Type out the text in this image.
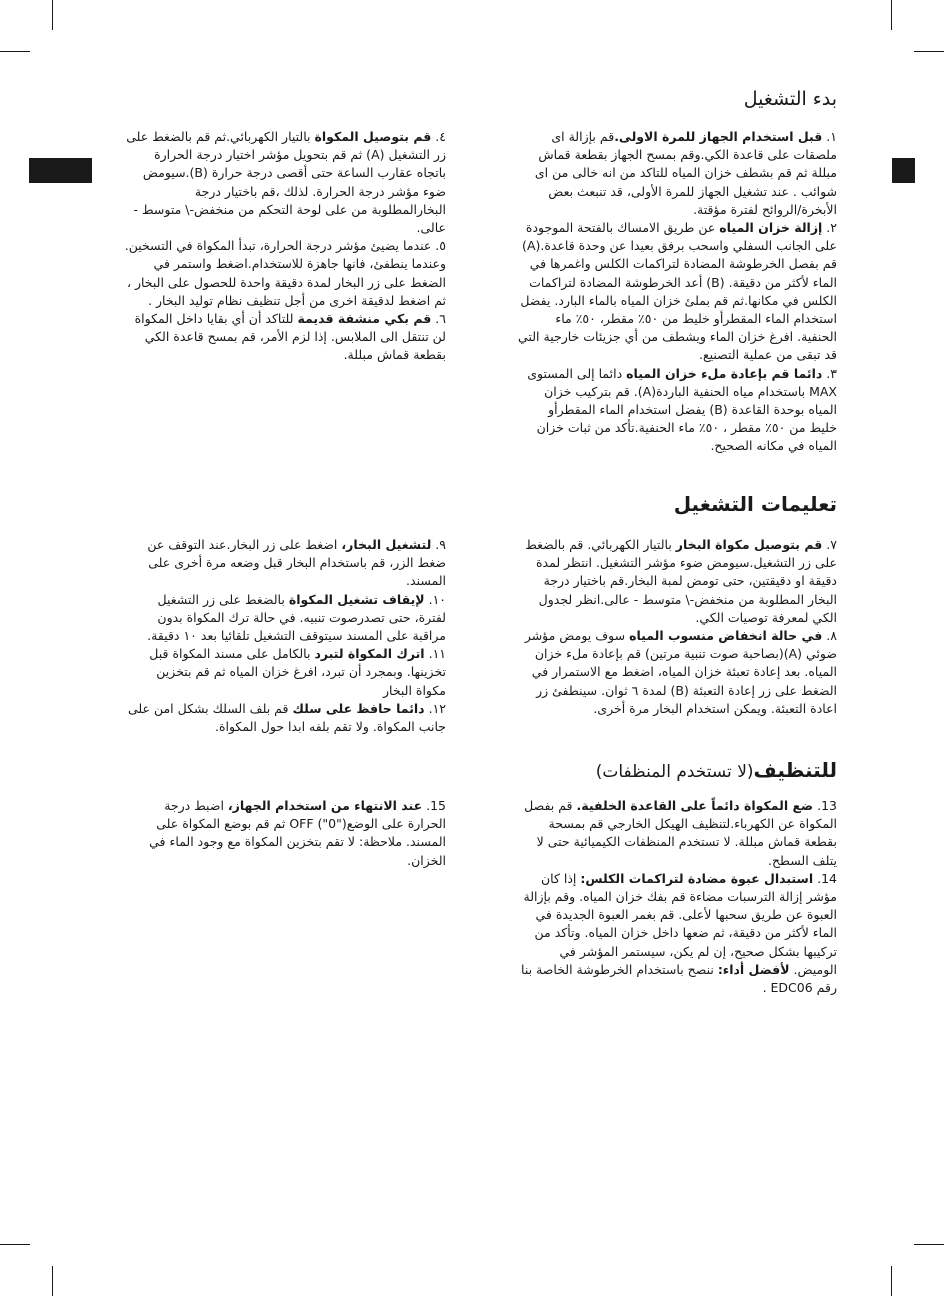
بدء التشغيل
١. قبل استخدام الجهاز للمرة الاولى.قم بإزالة اى ملصقات على قاعدة الكي.وقم بمسح الجهاز بقطعة قماش مبللة ثم قم بشطف خزان المياه للتاكد من انه خالى من اى شوائب . عند تشغيل الجهاز للمرة الأولى، قد تنبعث بعض الأبخرة/الروائح لفترة مؤقتة.
٢. إزالة خزان المياه عن طريق الامساك بالفتحة الموجودة على الجانب السفلي واسحب برفق بعيدا عن وحدة قاعدة.(A) قم بفصل الخرطوشة المضادة لتراكمات الكلس واغمرها في الماء لأكثر من دقيقة. (B) أعد الخرطوشة المضادة لتراكمات الكلس في مكانها.ثم قم بملئ خزان المياه بالماء البارد. يفضل استخدام الماء المقطرأو خليط من ٥٠٪ مقطر، ٥٠٪ ماء الحنفية. افرغ خزان الماء ويشطف من أي جزيئات خارجية التي قد تبقى من عملية التصنيع.
٣. دائما قم بإعادة ملء خزان المياه دائما إلى المستوى MAX باستخدام مياه الحنفية الباردة(A). قم بتركيب خزان المياه بوحدة القاعدة (B) يفضل استخدام الماء المقطرأو خليط من ٥٠٪ مقطر ، ٥٠٪ ماء الحنفية.تأكد من ثبات خزان المياه في مكانه الصحيح.
٤. قم بتوصيل المكواة بالتيار الكهربائي.ثم قم بالضغط على زر التشغيل (A) ثم قم بتحويل مؤشر اختيار درجة الحرارة باتجاه عقارب الساعة حتى أقصى درجة حرارة (B).سيومض ضوء مؤشر درجة الحرارة. لذلك ،قم باختيار درجة البخارالمطلوبة من على لوحة التحكم من منخفض-\ متوسط - عالى.
٥. عندما يضيئ مؤشر درجة الحرارة، تبدأ المكواة في التسخين. وعندما ينطفئ، فانها جاهزة للاستخدام.اضغط واستمر في الضغط على زر البخار لمدة دقيقة واحدة للحصول على البخار ، ثم اضغط لدقيقة اخرى من أجل تنظيف نظام توليد البخار .
٦. قم بكي منشفة قديمة للتاكد أن أي بقايا داخل المكواة لن تنتقل الى الملابس. إذا لزم الأمر، قم بمسح قاعدة الكي بقطعة قماش مبللة.
تعليمات التشغيل
٧. قم بتوصيل مكواة البخار بالتيار الكهربائي. قم بالضغط على زر التشغيل.سيومض ضوء مؤشر التشغيل. انتظر لمدة دقيقة او دقيقتين، حتى تومض لمبة البخار.قم باختيار درجة البخار المطلوبة من منخفض-\ متوسط - عالى.انظر لجدول الكي لمعرفة توصيات الكي.
٨. في حالة انخفاض منسوب المياه سوف يومض مؤشر ضوئي (A)(بصاحبة صوت تنبية مرتين) قم بإعادة ملء خزان المياه. بعد إعادة تعبئة خزان المياه، اضغط مع الاستمرار في الضغط على زر إعادة التعبئة (B) لمدة ٦ ثوان. سينطفئ زر اعادة التعبئة. ويمكن استخدام البخار مرة أخرى.
٩. لتشغيل البخار، اضغط على زر البخار.عند التوقف عن ضغط الزر، قم باستخدام البخار قبل وضعه مرة أخرى على المسند.
١٠. لإيقاف تشغيل المكواة بالضغط على زر التشغيل لفترة، حتى تصدرصوت تنبيه. في حالة ترك المكواة بدون مراقبة على المسند سيتوقف التشغيل تلقائيا بعد ١٠ دقيقة.
١١. اترك المكواة لتبرد بالكامل على مسند المكواة قبل تخزينها. وبمجرد أن تبرد، افرغ خزان المياه ثم قم بتخزين مكواة البخار
١٢. دائما حافظ على سلك قم بلف السلك بشكل امن على جانب المكواة. ولا تقم بلفه ابدا حول المكواة.
للتنظيف(لا تستخدم المنظفات)
13. ضع المكواة دائماً على القاعدة الخلفية. قم بفصل المكواة عن الكهرباء.لتنظيف الهيكل الخارجي قم بمسحة بقطعة قماش مبللة. لا تستخدم المنظفات الكيميائية حتى لا يتلف السطح.
14. استبدال عبوة مضادة لتراكمات الكلس: إذا كان مؤشر إزالة الترسبات مضاءة قم بفك خزان المياه. وقم بإزالة العبوة عن طريق سحبها لأعلى. قم بغمر العبوة الجديدة في الماء لأكثر من دقيقة، ثم ضعها داخل خزان المياه. وتأكد من تركيبها بشكل صحيح، إن لم يكن، سيستمر المؤشر في الوميض. لأفضل أداء: ننصح باستخدام الخرطوشة الخاصة بنا رقم EDC06 .
15. عند الانتهاء من استخدام الجهاز، اضبط درجة الحرارة على الوضع("0") OFF ثم قم بوضع المكواة على المسند. ملاحظة: لا تقم بتخزين المكواة مع وجود الماء في الخزان.
